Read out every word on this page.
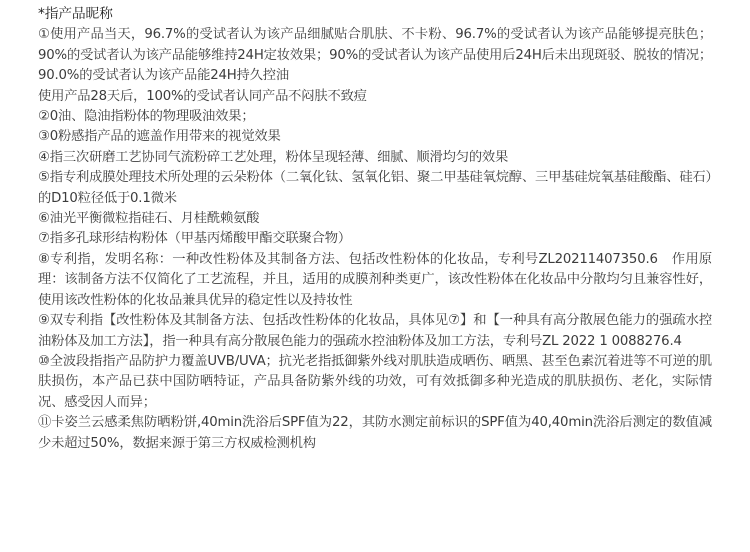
*指产品昵称

①使用产品当天，96.7%的受试者认为该产品细腻贴合肌肤、不卡粉、96.7%的受试者认为该产品能够提亮肤色；90%的受试者认为该产品能够维持24H定妆效果；90%的受试者认为该产品使用后24H后未出现斑驳、脱妆的情况；90.0%的受试者认为该产品能24H持久控油

使用产品28天后，100%的受试者认同产品不闷肤不致痘

②0油、隐油指粉体的物理吸油效果；

③0粉感指产品的遮盖作用带来的视觉效果

④指三次研磨工艺协同气流粉碎工艺处理，粉体呈现轻薄、细腻、顺滑均匀的效果

⑤指专利成膜处理技术所处理的云朵粉体（二氧化钛、氢氧化铝、聚二甲基硅氧烷醇、三甲基硅烷氧基硅酸酯、硅石）的D10粒径低于0.1微米

⑥油光平衡微粒指硅石、月桂酰赖氨酸

⑦指多孔球形结构粉体（甲基丙烯酸甲酯交联聚合物）

⑧专利指，发明名称：一种改性粉体及其制备方法、包括改性粉体的化妆品，专利号ZL20211407350.6　作用原理：该制备方法不仅简化了工艺流程，并且，适用的成膜剂种类更广，该改性粉体在化妆品中分散均匀且兼容性好，使用该改性粉体的化妆品兼具优异的稳定性以及持妆性

⑨双专利指【改性粉体及其制备方法、包括改性粉体的化妆品，具体见⑦】和【一种具有高分散展色能力的强疏水控油粉体及加工方法】，指一种具有高分散展色能力的强疏水控油粉体及加工方法，专利号ZL 2022 1 0088276.4

⑩全波段指指产品防护力覆盖UVB/UVA；抗光老指抵御紫外线对肌肤造成晒伤、晒黑、甚至色素沉着进等不可逆的肌肤损伤，本产品已获中国防晒特证，产品具备防紫外线的功效，可有效抵御多种光造成的肌肤损伤、老化，实际情况、感受因人而异；

⑪卡姿兰云感柔焦防晒粉饼,40min洗浴后SPF值为22，其防水测定前标识的SPF值为40,40min洗浴后测定的数值减少未超过50%，数据来源于第三方权威检测机构
